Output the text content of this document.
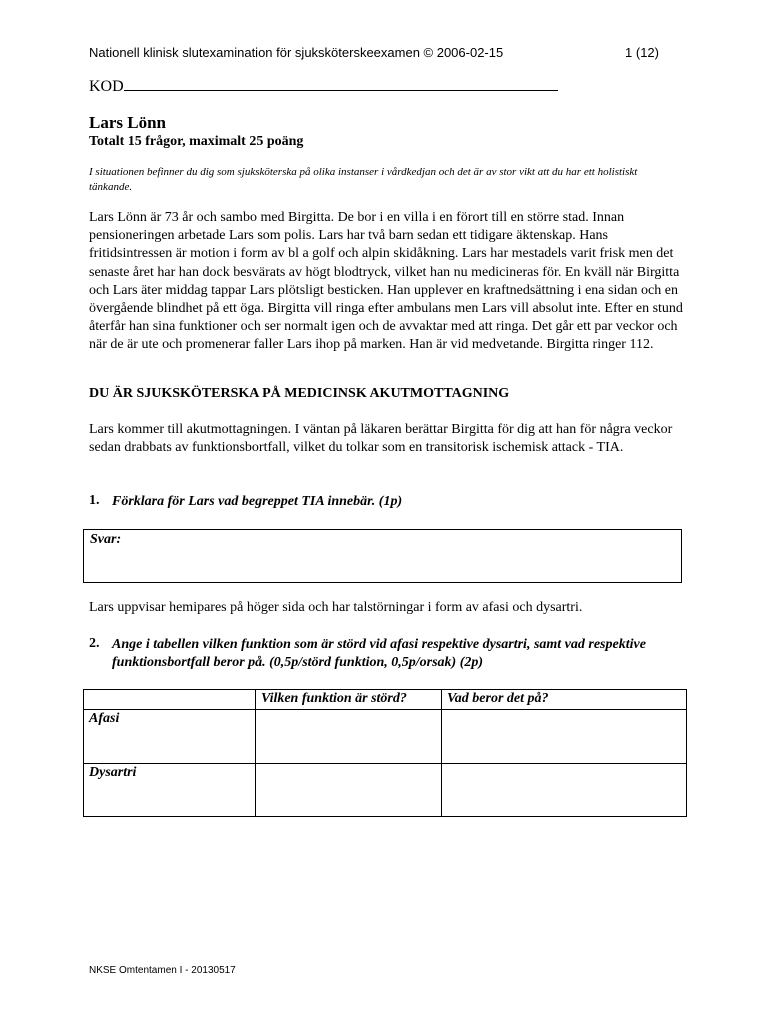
Nationell klinisk slutexamination för sjuksköterskeexamen © 2006-02-15	1 (12)
KOD
Lars Lönn
Totalt 15 frågor, maximalt 25 poäng
I situationen befinner du dig som sjuksköterska på olika instanser i vårdkedjan och det är av stor vikt att du har ett holistiskt tänkande.
Lars Lönn är 73 år och sambo med Birgitta. De bor i en villa i en förort till en större stad. Innan pensioneringen arbetade Lars som polis. Lars har två barn sedan ett tidigare äktenskap. Hans fritidsintressen är motion i form av bl a golf och alpin skidåkning. Lars har mestadels varit frisk men det senaste året har han dock besvärats av högt blodtryck, vilket han nu medicineras för. En kväll när Birgitta och Lars äter middag tappar Lars plötsligt besticken. Han upplever en kraftnedsättning i ena sidan och en övergående blindhet på ett öga. Birgitta vill ringa efter ambulans men Lars vill absolut inte. Efter en stund återfår han sina funktioner och ser normalt igen och de avvaktar med att ringa. Det går ett par veckor och när de är ute och promenerar faller Lars ihop på marken. Han är vid medvetande. Birgitta ringer 112.
DU ÄR SJUKSKÖTERSKA PÅ MEDICINSK AKUTMOTTAGNING
Lars kommer till akutmottagningen. I väntan på läkaren berättar Birgitta för dig att han för några veckor sedan drabbats av funktionsbortfall, vilket du tolkar som en transitorisk ischemisk attack - TIA.
1. Förklara för Lars vad begreppet TIA innebär. (1p)
Svar:
Lars uppvisar hemipares på höger sida och har talstörningar i form av afasi och dysartri.
2. Ange i tabellen vilken funktion som är störd vid afasi respektive dysartri, samt vad respektive funktionsbortfall beror på. (0,5p/störd funktion, 0,5p/orsak) (2p)
	Vilken funktion är störd?	Vad beror det på?
Afasi		
Dysartri		
NKSE Omtentamen I - 20130517
